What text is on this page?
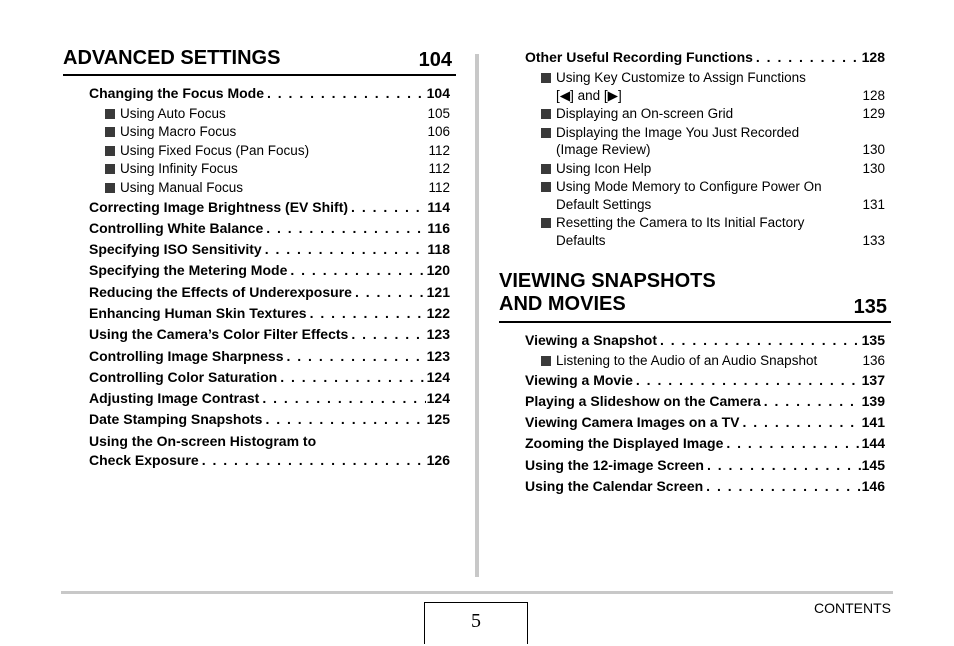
ADVANCED SETTINGS	104
Changing the Focus Mode . . .	104
Using Auto Focus	105
Using Macro Focus	106
Using Fixed Focus (Pan Focus)	112
Using Infinity Focus	112
Using Manual Focus	112
Correcting Image Brightness (EV Shift) . . .	114
Controlling White Balance . . .	116
Specifying ISO Sensitivity . . .	118
Specifying the Metering Mode . . .	120
Reducing the Effects of Underexposure . . .	121
Enhancing Human Skin Textures . . .	122
Using the Camera’s Color Filter Effects . . .	123
Controlling Image Sharpness . . .	123
Controlling Color Saturation . . .	124
Adjusting Image Contrast . . .	124
Date Stamping Snapshots . . .	125
Using the On-screen Histogram to
Check Exposure . . .	126
Other Useful Recording Functions . . .	128
Using Key Customize to Assign Functions
[◀] and [▶]	128
Displaying an On-screen Grid	129
Displaying the Image You Just Recorded
(Image Review)	130
Using Icon Help	130
Using Mode Memory to Configure Power On
Default Settings	131
Resetting the Camera to Its Initial Factory
Defaults	133
VIEWING SNAPSHOTS
AND MOVIES	135
Viewing a Snapshot . . .	135
Listening to the Audio of an Audio Snapshot	136
Viewing a Movie . . .	137
Playing a Slideshow on the Camera . . .	139
Viewing Camera Images on a TV . . .	141
Zooming the Displayed Image . . .	144
Using the 12-image Screen . . .	145
Using the Calendar Screen . . .	146
5
CONTENTS
